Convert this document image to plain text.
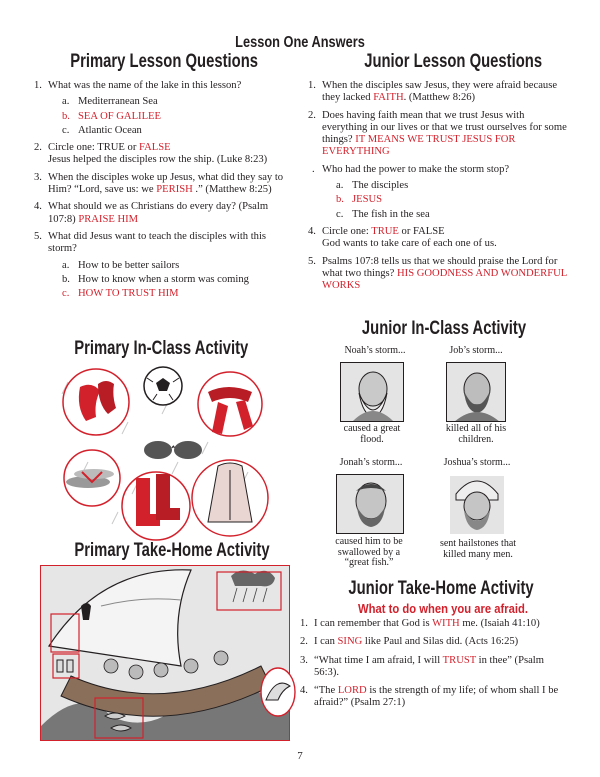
Lesson One Answers
Primary Lesson Questions
1. What was the name of the lake in this lesson?
a. Mediterranean Sea
b. SEA OF GALILEE
c. Atlantic Ocean
2. Circle one: TRUE or FALSE
Jesus helped the disciples row the ship. (Luke 8:23)
3. When the disciples woke up Jesus, what did they say to Him? “Lord, save us: we PERISH .” (Matthew 8:25)
4. What should we as Christians do every day? (Psalm 107:8) PRAISE HIM
5. What did Jesus want to teach the disciples with this storm?
a. How to be better sailors
b. How to know when a storm was coming
c. HOW TO TRUST HIM
Primary In-Class Activity
Primary Take-Home Activity
Junior Lesson Questions
1. When the disciples saw Jesus, they were afraid because they lacked FAITH. (Matthew 8:26)
2. Does having faith mean that we trust Jesus with everything in our lives or that we trust ourselves for some things? IT MEANS WE TRUST JESUS FOR EVERYTHING
. Who had the power to make the storm stop?
a. The disciples
b. JESUS
c. The fish in the sea
4. Circle one: TRUE or FALSE
God wants to take care of each one of us.
5. Psalms 107:8 tells us that we should praise the Lord for what two things? HIS GOODNESS AND WONDERFUL WORKS
Junior In-Class Activity
Noah’s storm...
caused a great flood.
Job’s storm...
killed all of his children.
Jonah’s storm...
caused him to be swallowed by a “great fish.”
Joshua’s storm...
sent hailstones that killed many men.
Junior Take-Home Activity
What to do when you are afraid.
1. I can remember that God is WITH me. (Isaiah 41:10)
2. I can SING like Paul and Silas did. (Acts 16:25)
3. “What time I am afraid, I will TRUST in thee” (Psalm 56:3).
4. “The LORD is the strength of my life; of whom shall I be afraid?” (Psalm 27:1)
7
